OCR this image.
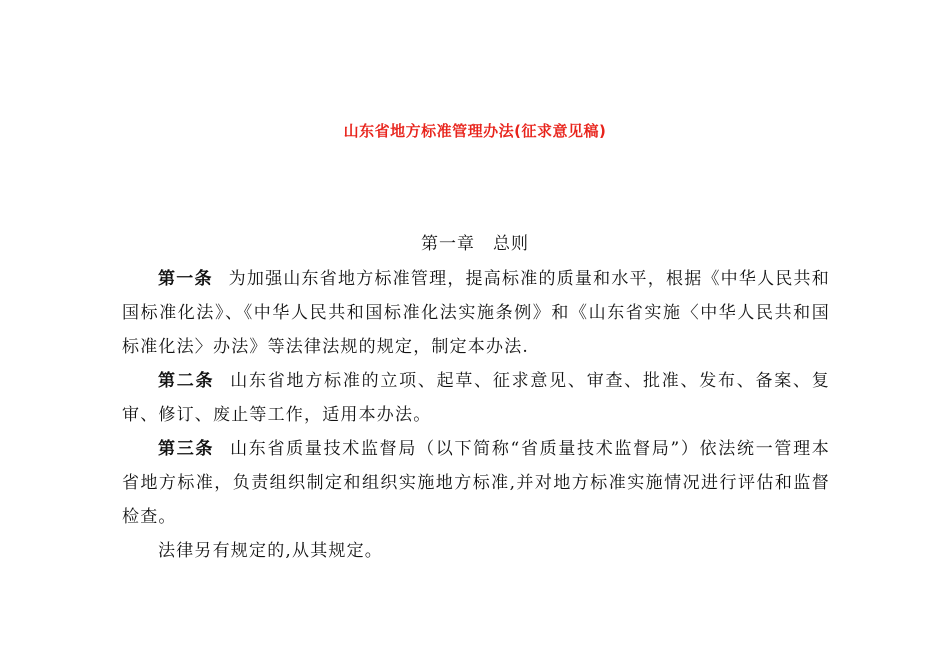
山东省地方标准管理办法(征求意见稿)
第一章 总则

第一条 为加强山东省地方标准管理，提高标准的质量和水平，根据《中华人民共和国标准化法》、《中华人民共和国标准化法实施条例》和《山东省实施〈中华人民共和国标准化法〉办法》等法律法规的规定，制定本办法.

第二条 山东省地方标准的立项、起草、征求意见、审查、批准、发布、备案、复审、修订、废止等工作，适用本办法。

第三条 山东省质量技术监督局（以下简称“省质量技术监督局”）依法统一管理本省地方标准，负责组织制定和组织实施地方标准,并对地方标准实施情况进行评估和监督检查。

法律另有规定的,从其规定。
